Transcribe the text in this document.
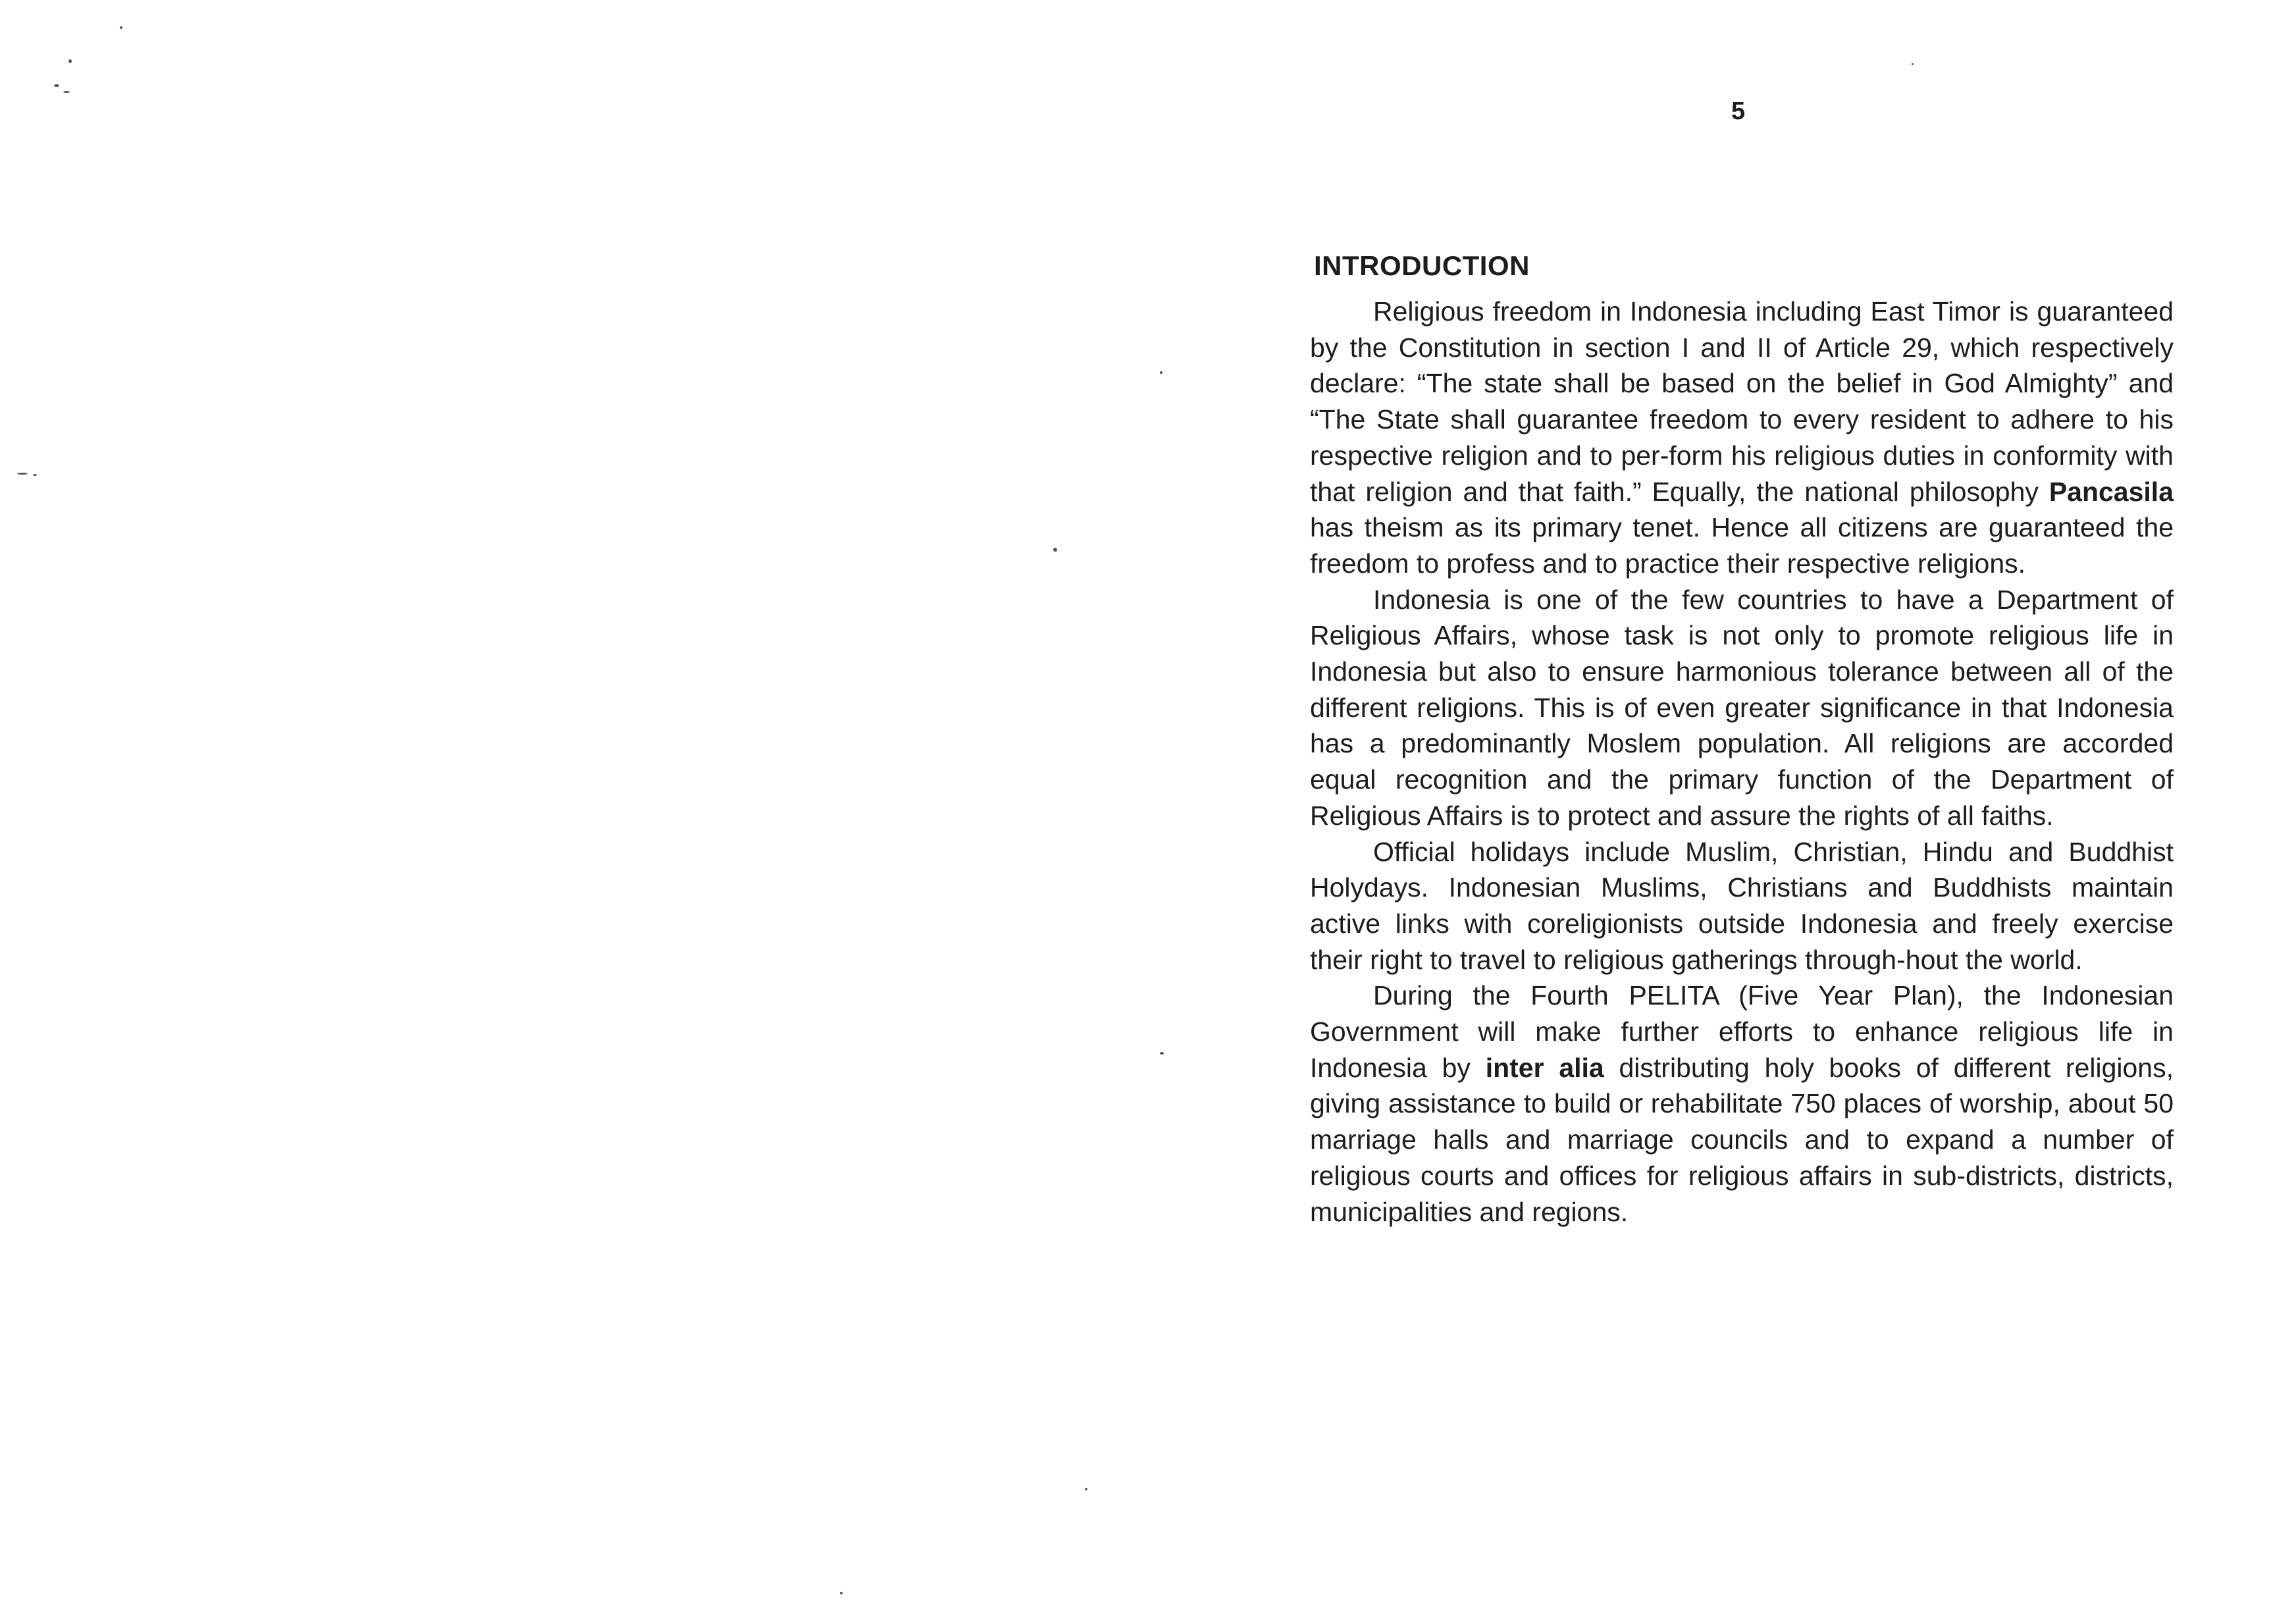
5
INTRODUCTION

Religious freedom in Indonesia including East Timor is guaranteed by the Constitution in section I and II of Article 29, which respectively declare: “The state shall be based on the belief in God Almighty” and “The State shall guarantee freedom to every resident to adhere to his respective religion and to per-form his religious duties in conformity with that religion and that faith.” Equally, the national philosophy Pancasila has theism as its primary tenet. Hence all citizens are guaranteed the freedom to profess and to practice their respective religions.

Indonesia is one of the few countries to have a Department of Religious Affairs, whose task is not only to promote religious life in Indonesia but also to ensure harmonious tolerance between all of the different religions. This is of even greater significance in that Indonesia has a predominantly Moslem population. All religions are accorded equal recognition and the primary function of the Department of Religious Affairs is to protect and assure the rights of all faiths.

Official holidays include Muslim, Christian, Hindu and Buddhist Holydays. Indonesian Muslims, Christians and Buddhists maintain active links with coreligionists outside Indonesia and freely exercise their right to travel to religious gatherings through-hout the world.

During the Fourth PELITA (Five Year Plan), the Indonesian Government will make further efforts to enhance religious life in Indonesia by inter alia distributing holy books of different religions, giving assistance to build or rehabilitate 750 places of worship, about 50 marriage halls and marriage councils and to expand a number of religious courts and offices for religious affairs in sub-districts, districts, municipalities and regions.
